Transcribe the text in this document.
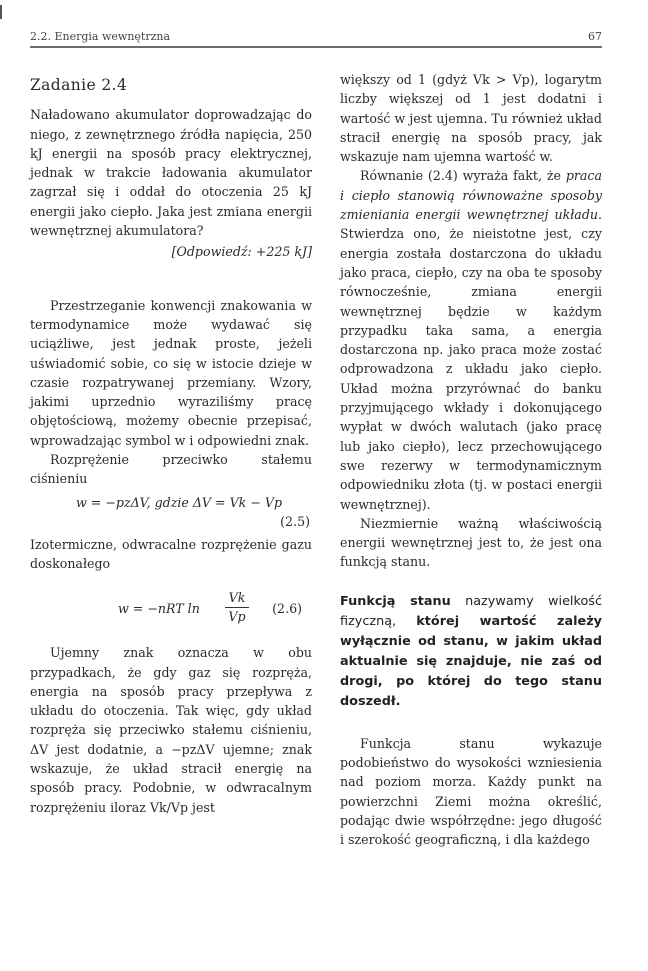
2.2. Energia wewnętrzna	67
Zadanie 2.4

Naładowano akumulator doprowadzając do niego, z zewnętrznego źródła napięcia, 250 kJ energii na sposób pracy elektrycznej, jednak w trakcie ładowania akumulator zagrzał się i oddał do otoczenia 25 kJ energii jako ciepło. Jaka jest zmiana energii wewnętrznej akumulatora?

[Odpowiedź: +225 kJ]

Przestrzeganie konwencji znakowania w termodynamice może wydawać się uciążliwe, jest jednak proste, jeżeli uświadomić sobie, co się w istocie dzieje w czasie rozpatrywanej przemiany. Wzory, jakimi uprzednio wyraziliśmy pracę objętościową, możemy obecnie przepisać, wprowadzając symbol w i odpowiedni znak.

Rozprężenie przeciwko stałemu ciśnieniu

w = −pzΔV, gdzie ΔV = Vk − Vp
(2.5)

Izotermiczne, odwracalne rozprężenie gazu doskonałego

w = −nRT $\ln \frac{Vk}{Vp} (2.6)$

Ujemny znak oznacza w obu przypadkach, że gdy gaz się rozpręża, energia na sposób pracy przepływa z układu do otoczenia. Tak więc, gdy układ rozpręża się przeciwko stałemu ciśnieniu, ΔV jest dodatnie, a −pzΔV ujemne; znak wskazuje, że układ stracił energię na sposób pracy. Podobnie, w odwracalnym rozprężeniu iloraz Vk/Vp jest

większy od 1 (gdyż Vk > Vp), logarytm liczby większej od 1 jest dodatni i wartość w jest ujemna. Tu również układ stracił energię na sposób pracy, jak wskazuje nam ujemna wartość w.

Równanie (2.4) wyraża fakt, że praca i ciepło stanowią równoważne sposoby zmieniania energii wewnętrznej układu. Stwierdza ono, że nieistotne jest, czy energia została dostarczona do układu jako praca, ciepło, czy na oba te sposoby równocześnie, zmiana energii wewnętrznej będzie w każdym przypadku taka sama, a energia dostarczona np. jako praca może zostać odprowadzona z układu jako ciepło. Układ można przyrównać do banku przyjmującego wkłady i dokonującego wypłat w dwóch walutach (jako pracę lub jako ciepło), lecz przechowującego swe rezerwy w termodynamicznym odpowiedniku złota (tj. w postaci energii wewnętrznej).

Niezmiernie ważną właściwością energii wewnętrznej jest to, że jest ona funkcją stanu.

Funkcją stanu nazywamy wielkość fizyczną, której wartość zależy wyłącznie od stanu, w jakim układ aktualnie się znajduje, nie zaś od drogi, po której do tego stanu doszedł.

Funkcja stanu wykazuje podobieństwo do wysokości wzniesienia nad poziom morza. Każdy punkt na powierzchni Ziemi można określić, podając dwie współrzędne: jego długość i szerokość geograficzną, i dla każdego
